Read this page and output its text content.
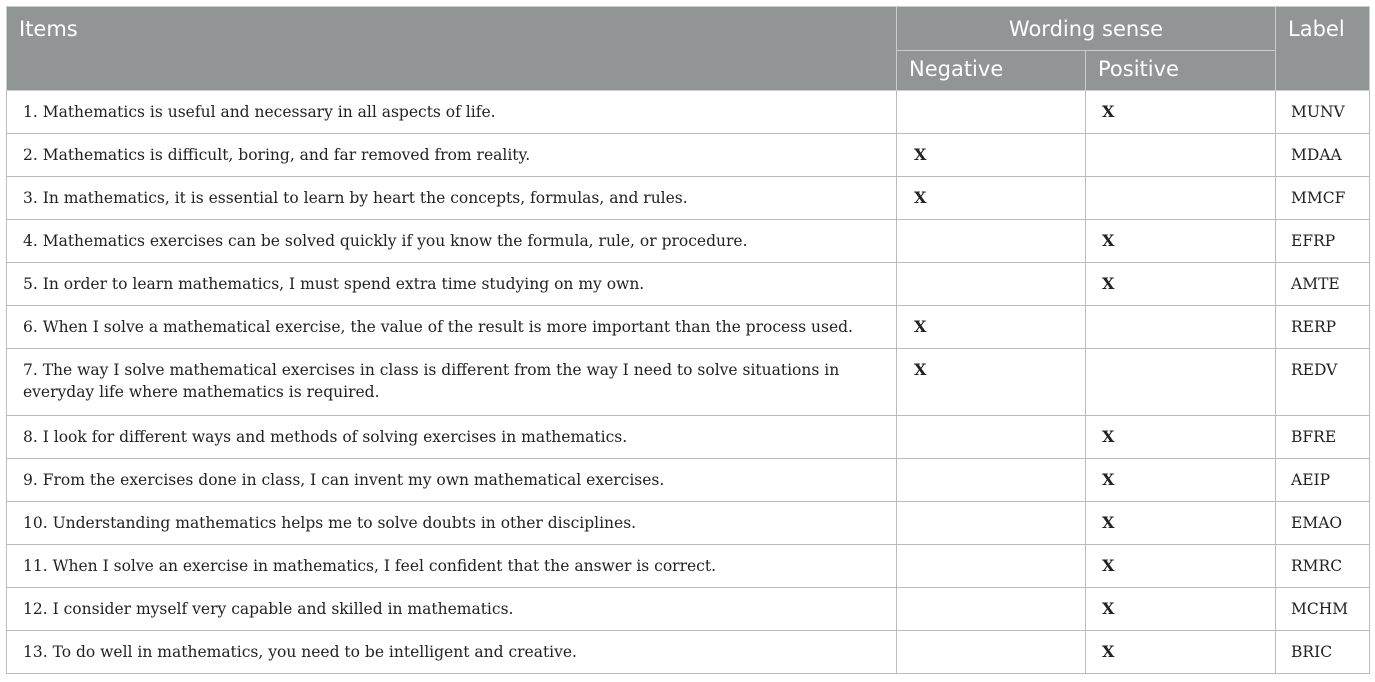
Items	Wording sense		Label
	Negative	Positive	

1. Mathematics is useful and necessary in all aspects of life.		X	MUNV

2. Mathematics is difficult, boring, and far removed from reality.	X		MDAA

3. In mathematics, it is essential to learn by heart the concepts, formulas, and rules.	X		MMCF

4. Mathematics exercises can be solved quickly if you know the formula, rule, or procedure.		X	EFRP

5. In order to learn mathematics, I must spend extra time studying on my own.		X	AMTE

6. When I solve a mathematical exercise, the value of the result is more important than the process used.	X		RERP

7. The way I solve mathematical exercises in class is different from the way I need to solve situations in everyday life where mathematics is required.	X		REDV

8. I look for different ways and methods of solving exercises in mathematics.		X	BFRE

9. From the exercises done in class, I can invent my own mathematical exercises.		X	AEIP

10. Understanding mathematics helps me to solve doubts in other disciplines.		X	EMAO

11. When I solve an exercise in mathematics, I feel confident that the answer is correct.		X	RMRC

12. I consider myself very capable and skilled in mathematics.		X	MCHM

13. To do well in mathematics, you need to be intelligent and creative.		X	BRIC
